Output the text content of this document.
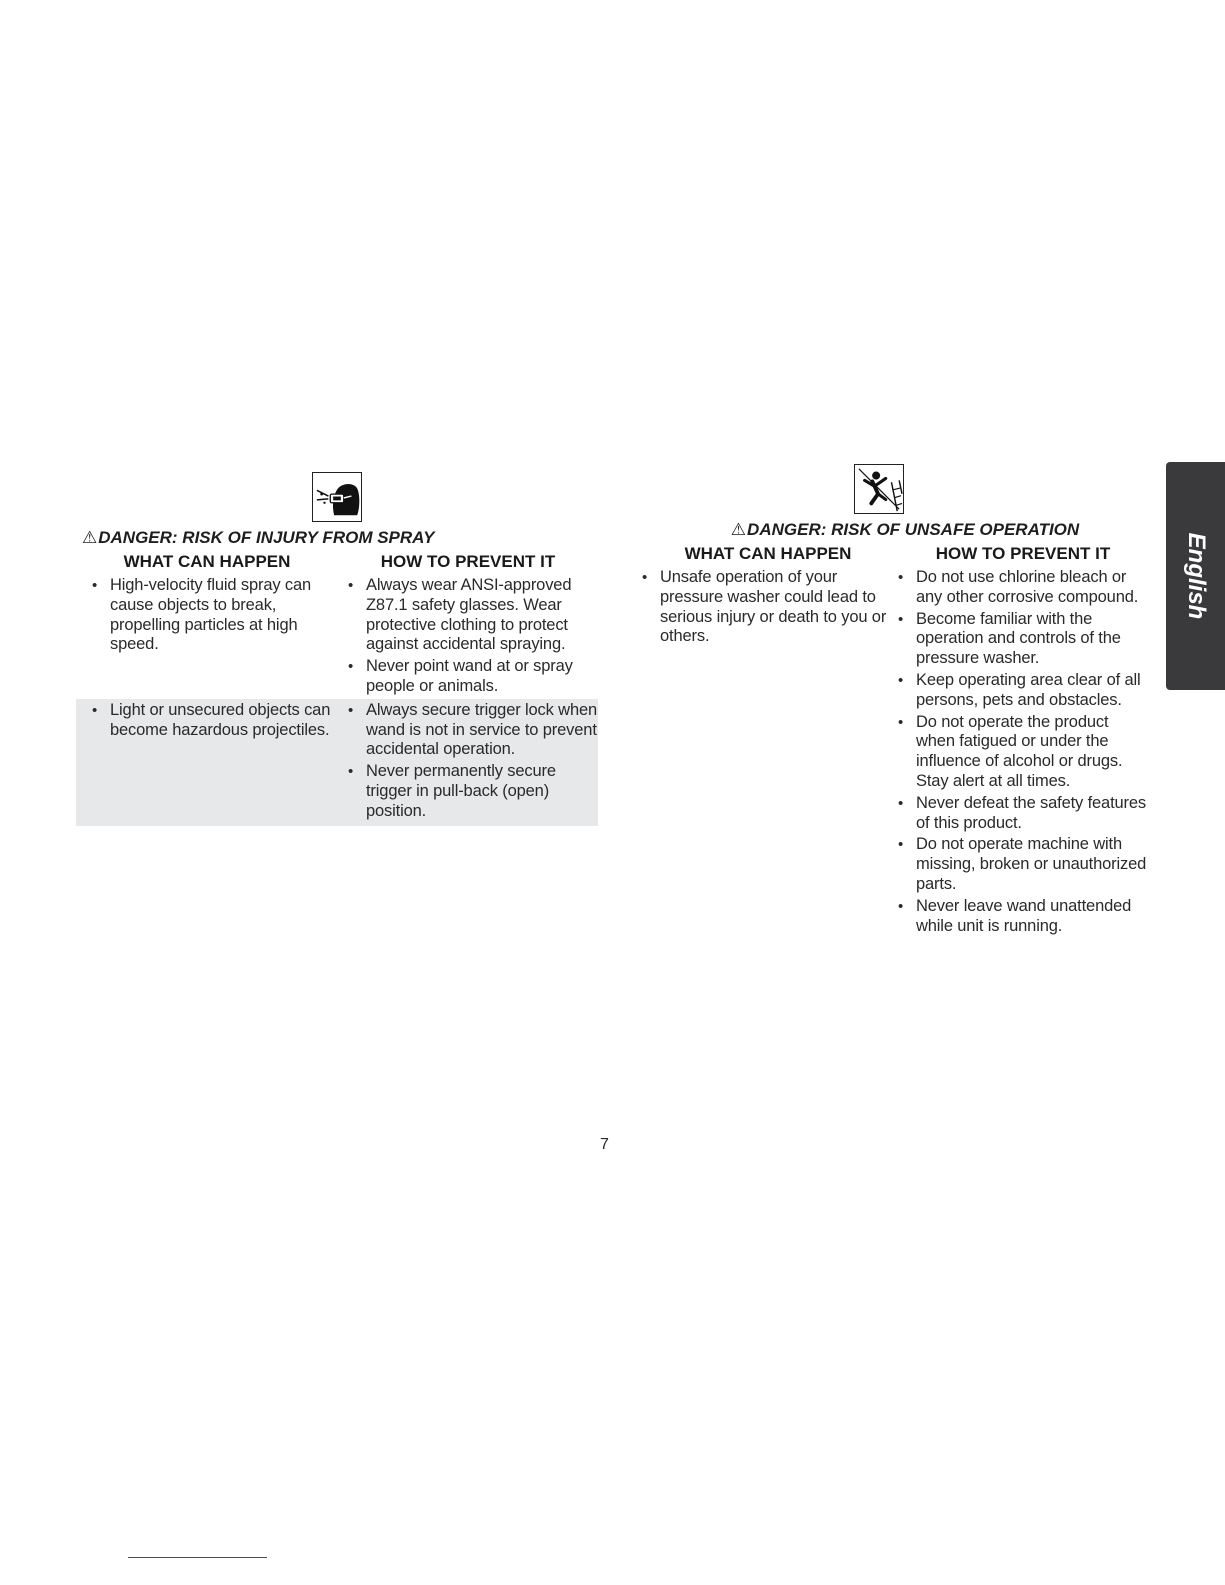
⚠DANGER: RISK OF INJURY FROM SPRAY
WHAT CAN HAPPEN	HOW TO PREVENT IT
• High-velocity fluid spray can cause objects to break, propelling particles at high speed.
• Always wear ANSI-approved Z87.1 safety glasses. Wear protective clothing to protect against accidental spraying.
• Never point wand at or spray people or animals.
• Light or unsecured objects can become hazardous projectiles.
• Always secure trigger lock when wand is not in service to prevent accidental operation.
• Never permanently secure trigger in pull-back (open) position.
⚠DANGER: RISK OF UNSAFE OPERATION
WHAT CAN HAPPEN	HOW TO PREVENT IT
• Unsafe operation of your pressure washer could lead to serious injury or death to you or others.
• Do not use chlorine bleach or any other corrosive compound.
• Become familiar with the operation and controls of the pressure washer.
• Keep operating area clear of all persons, pets and obstacles.
• Do not operate the product when fatigued or under the influence of alcohol or drugs. Stay alert at all times.
• Never defeat the safety features of this product.
• Do not operate machine with missing, broken or unauthorized parts.
• Never leave wand unattended while unit is running.
English
7
